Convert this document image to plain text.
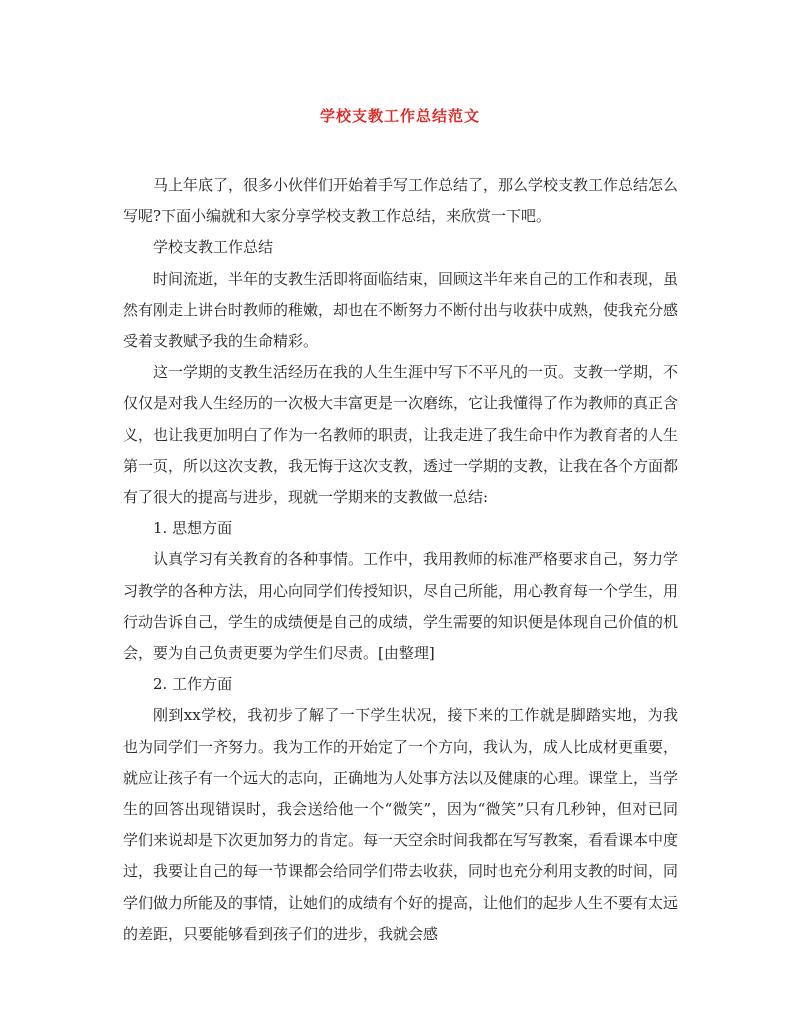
学校支教工作总结范文

马上年底了，很多小伙伴们开始着手写工作总结了，那么学校支教工作总结怎么写呢?下面小编就和大家分享学校支教工作总结，来欣赏一下吧。

学校支教工作总结

时间流逝，半年的支教生活即将面临结束，回顾这半年来自己的工作和表现，虽然有刚走上讲台时教师的稚嫩，却也在不断努力不断付出与收获中成熟，使我充分感受着支教赋予我的生命精彩。

这一学期的支教生活经历在我的人生生涯中写下不平凡的一页。支教一学期，不仅仅是对我人生经历的一次极大丰富更是一次磨练，它让我懂得了作为教师的真正含义，也让我更加明白了作为一名教师的职责，让我走进了我生命中作为教育者的人生第一页，所以这次支教，我无悔于这次支教，透过一学期的支教，让我在各个方面都有了很大的提高与进步，现就一学期来的支教做一总结:

1. 思想方面

认真学习有关教育的各种事情。工作中，我用教师的标准严格要求自己，努力学习教学的各种方法，用心向同学们传授知识，尽自己所能，用心教育每一个学生，用行动告诉自己，学生的成绩便是自己的成绩，学生需要的知识便是体现自己价值的机会，要为自己负责更要为学生们尽责。[由整理]

2. 工作方面

刚到xx学校，我初步了解了一下学生状况，接下来的工作就是脚踏实地，为我也为同学们一齐努力。我为工作的开始定了一个方向，我认为，成人比成材更重要，就应让孩子有一个远大的志向，正确地为人处事方法以及健康的心理。课堂上，当学生的回答出现错误时，我会送给他一个“微笑”，因为“微笑”只有几秒钟，但对已同学们来说却是下次更加努力的肯定。每一天空余时间我都在写写教案，看看课本中度过，我要让自己的每一节课都会给同学们带去收获，同时也充分利用支教的时间，同学们做力所能及的事情，让她们的成绩有个好的提高，让他们的起步人生不要有太远的差距，只要能够看到孩子们的进步，我就会感
